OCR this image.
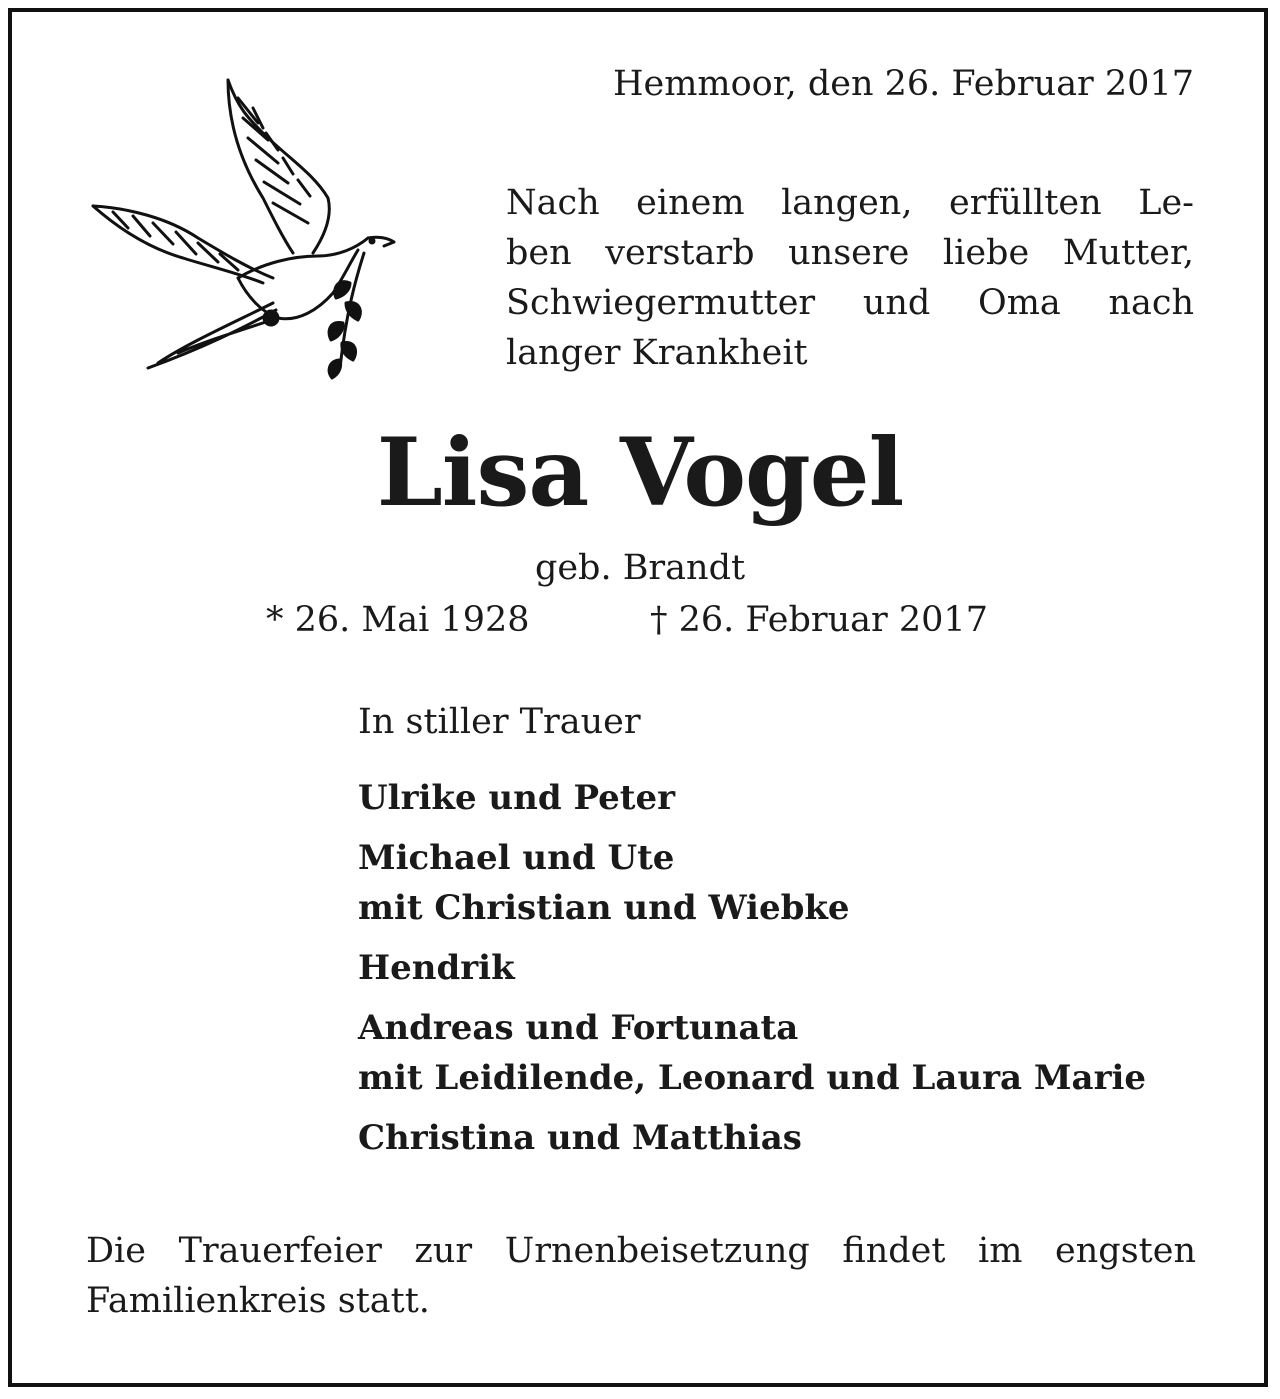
Hemmoor, den 26. Februar 2017
Nach einem langen, erfüllten Le-
ben verstarb unsere liebe Mutter,
Schwiegermutter und Oma nach
langer Krankheit
Lisa Vogel
geb. Brandt
* 26. Mai 1928	† 26. Februar 2017
In stiller Trauer
Ulrike und Peter
Michael und Ute
mit Christian und Wiebke
Hendrik
Andreas und Fortunata
mit Leidilende, Leonard und Laura Marie
Christina und Matthias
Die Trauerfeier zur Urnenbeisetzung findet im engsten
Familienkreis statt.
